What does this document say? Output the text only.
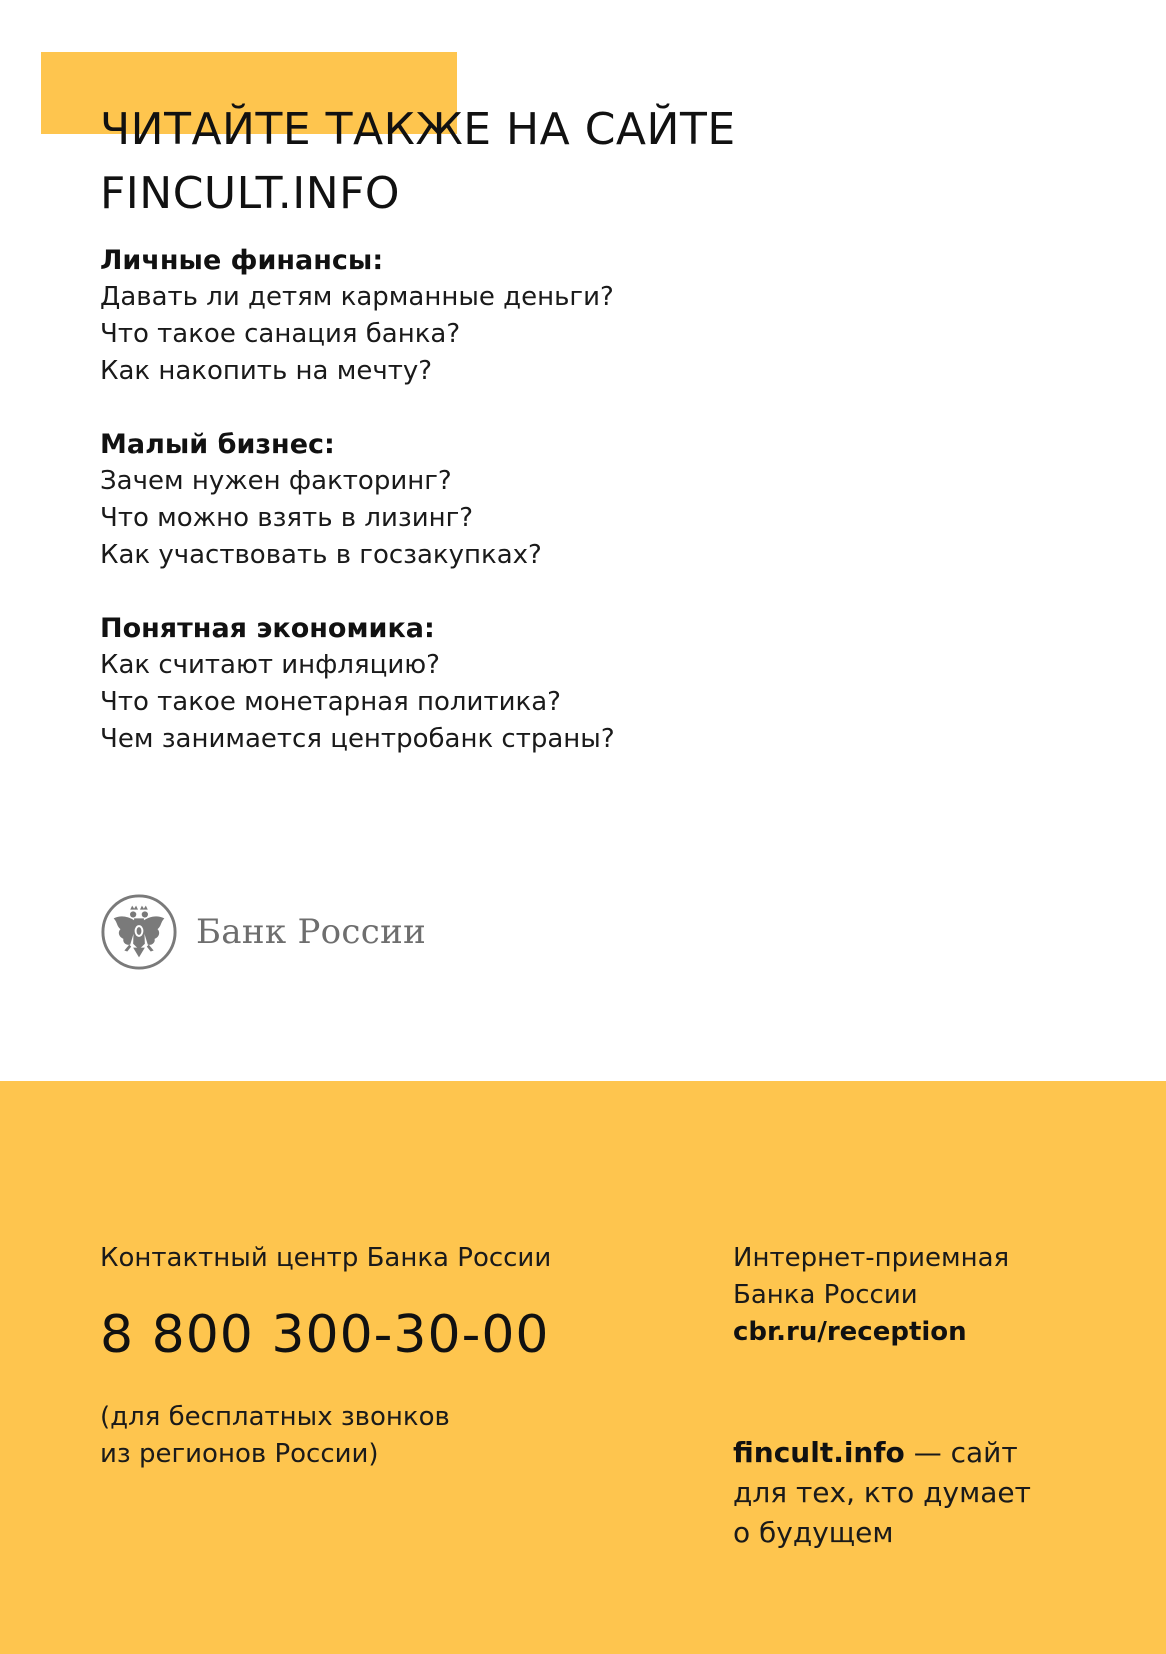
ЧИТАЙТЕ ТАКЖЕ НА САЙТЕ
FINCULT.INFO
Личные финансы:
Давать ли детям карманные деньги?
Что такое санация банка?
Как накопить на мечту?
Малый бизнес:
Зачем нужен факторинг?
Что можно взять в лизинг?
Как участвовать в госзакупках?
Понятная экономика:
Как считают инфляцию?
Что такое монетарная политика?
Чем занимается центробанк страны?
Банк России
Контактный центр Банка России
8 800 300-30-00
(для бесплатных звонков
из регионов России)
Интернет-приемная
Банка России
cbr.ru/reception
fincult.info — сайт
для тех, кто думает
о будущем
